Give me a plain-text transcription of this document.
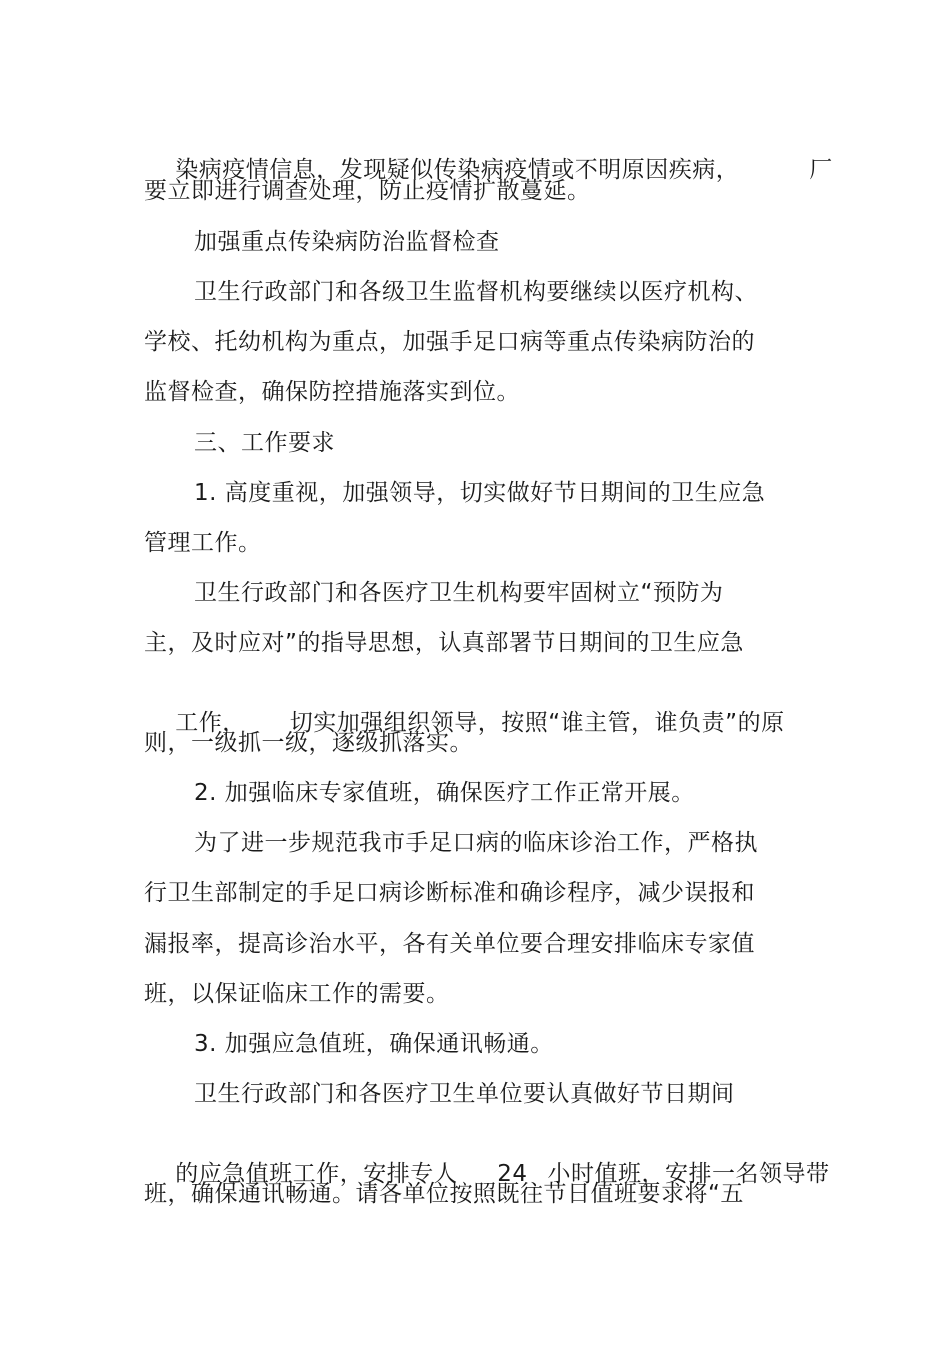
染病疫情信息，发现疑似传染病疫情或不明原因疾病，
	厂

要立即进行调查处理，防止疫情扩散蔓延。
加强重点传染病防治监督检查
卫生行政部门和各级卫生监督机构要继续以医疗机构、
学校、托幼机构为重点，加强手足口病等重点传染病防治的
监督检查，确保防控措施落实到位。
三、工作要求
1. 高度重视，加强领导，切实做好节日期间的卫生应急
管理工作。
卫生行政部门和各医疗卫生机构要牢固树立“预防为
主，及时应对”的指导思想，认真部署节日期间的卫生应急

工作， 切实加强组织领导，按照“谁主管，谁负责”的原

则，一级抓一级，逐级抓落实。
2. 加强临床专家值班，确保医疗工作正常开展。
为了进一步规范我市手足口病的临床诊治工作，严格执
行卫生部制定的手足口病诊断标准和确诊程序，减少误报和
漏报率，提高诊治水平，各有关单位要合理安排临床专家值
班，以保证临床工作的需要。
3. 加强应急值班，确保通讯畅通。
卫生行政部门和各医疗卫生单位要认真做好节日期间

的应急值班工作，安排专人 24 小时值班，安排一名领导带

班，确保通讯畅通。请各单位按照既往节日值班要求将“五
